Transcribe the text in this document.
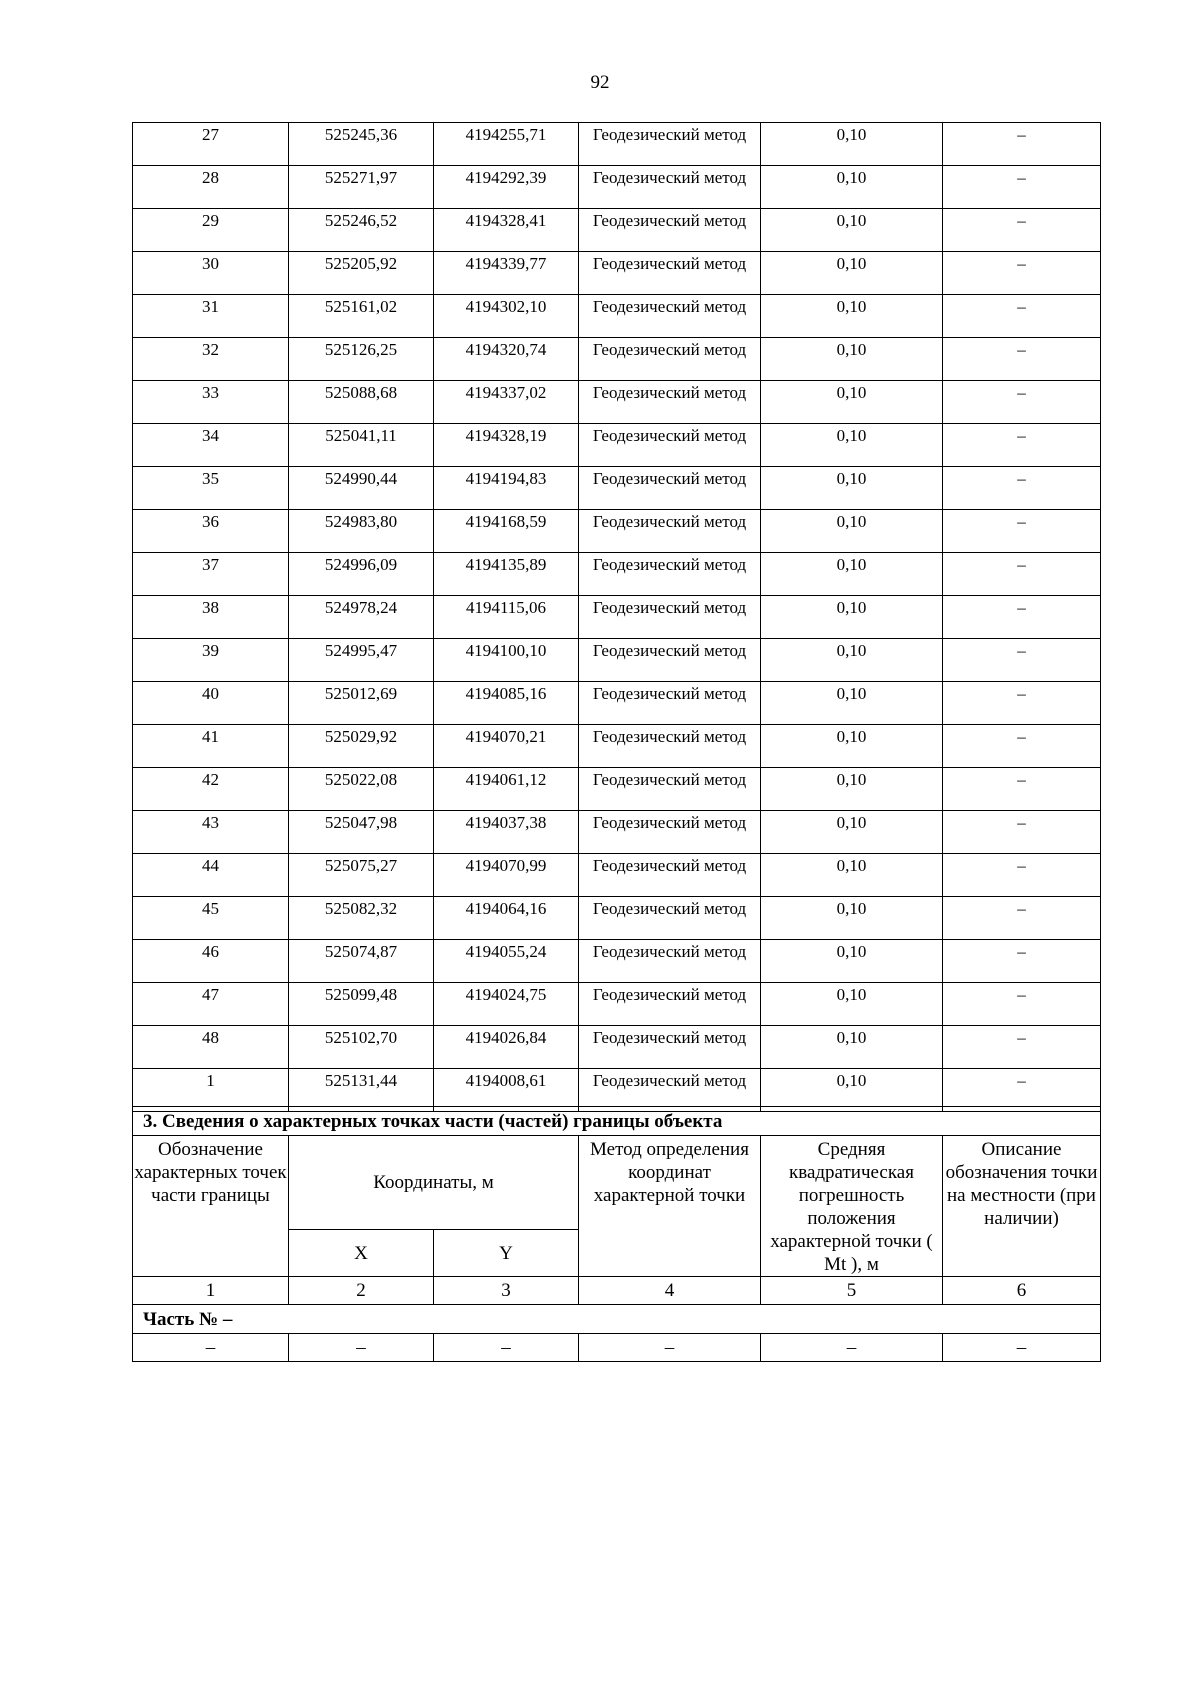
92
27	525245,36	4194255,71	Геодезический метод	0,10	–
28	525271,97	4194292,39	Геодезический метод	0,10	–
29	525246,52	4194328,41	Геодезический метод	0,10	–
30	525205,92	4194339,77	Геодезический метод	0,10	–
31	525161,02	4194302,10	Геодезический метод	0,10	–
32	525126,25	4194320,74	Геодезический метод	0,10	–
33	525088,68	4194337,02	Геодезический метод	0,10	–
34	525041,11	4194328,19	Геодезический метод	0,10	–
35	524990,44	4194194,83	Геодезический метод	0,10	–
36	524983,80	4194168,59	Геодезический метод	0,10	–
37	524996,09	4194135,89	Геодезический метод	0,10	–
38	524978,24	4194115,06	Геодезический метод	0,10	–
39	524995,47	4194100,10	Геодезический метод	0,10	–
40	525012,69	4194085,16	Геодезический метод	0,10	–
41	525029,92	4194070,21	Геодезический метод	0,10	–
42	525022,08	4194061,12	Геодезический метод	0,10	–
43	525047,98	4194037,38	Геодезический метод	0,10	–
44	525075,27	4194070,99	Геодезический метод	0,10	–
45	525082,32	4194064,16	Геодезический метод	0,10	–
46	525074,87	4194055,24	Геодезический метод	0,10	–
47	525099,48	4194024,75	Геодезический метод	0,10	–
48	525102,70	4194026,84	Геодезический метод	0,10	–
1	525131,44	4194008,61	Геодезический метод	0,10	–
3. Сведения о характерных точках части (частей) границы объекта					
Обозначение характерных точек части границы	Координаты, м		Метод определения координат характерной точки	Средняя квадратическая погрешность положения характерной точки ( Mt ), м	Описание обозначения точки на местности (при наличии)
	X	Y			
1	2	3	4	5	6
Часть № –					
–	–	–	–	–	–
